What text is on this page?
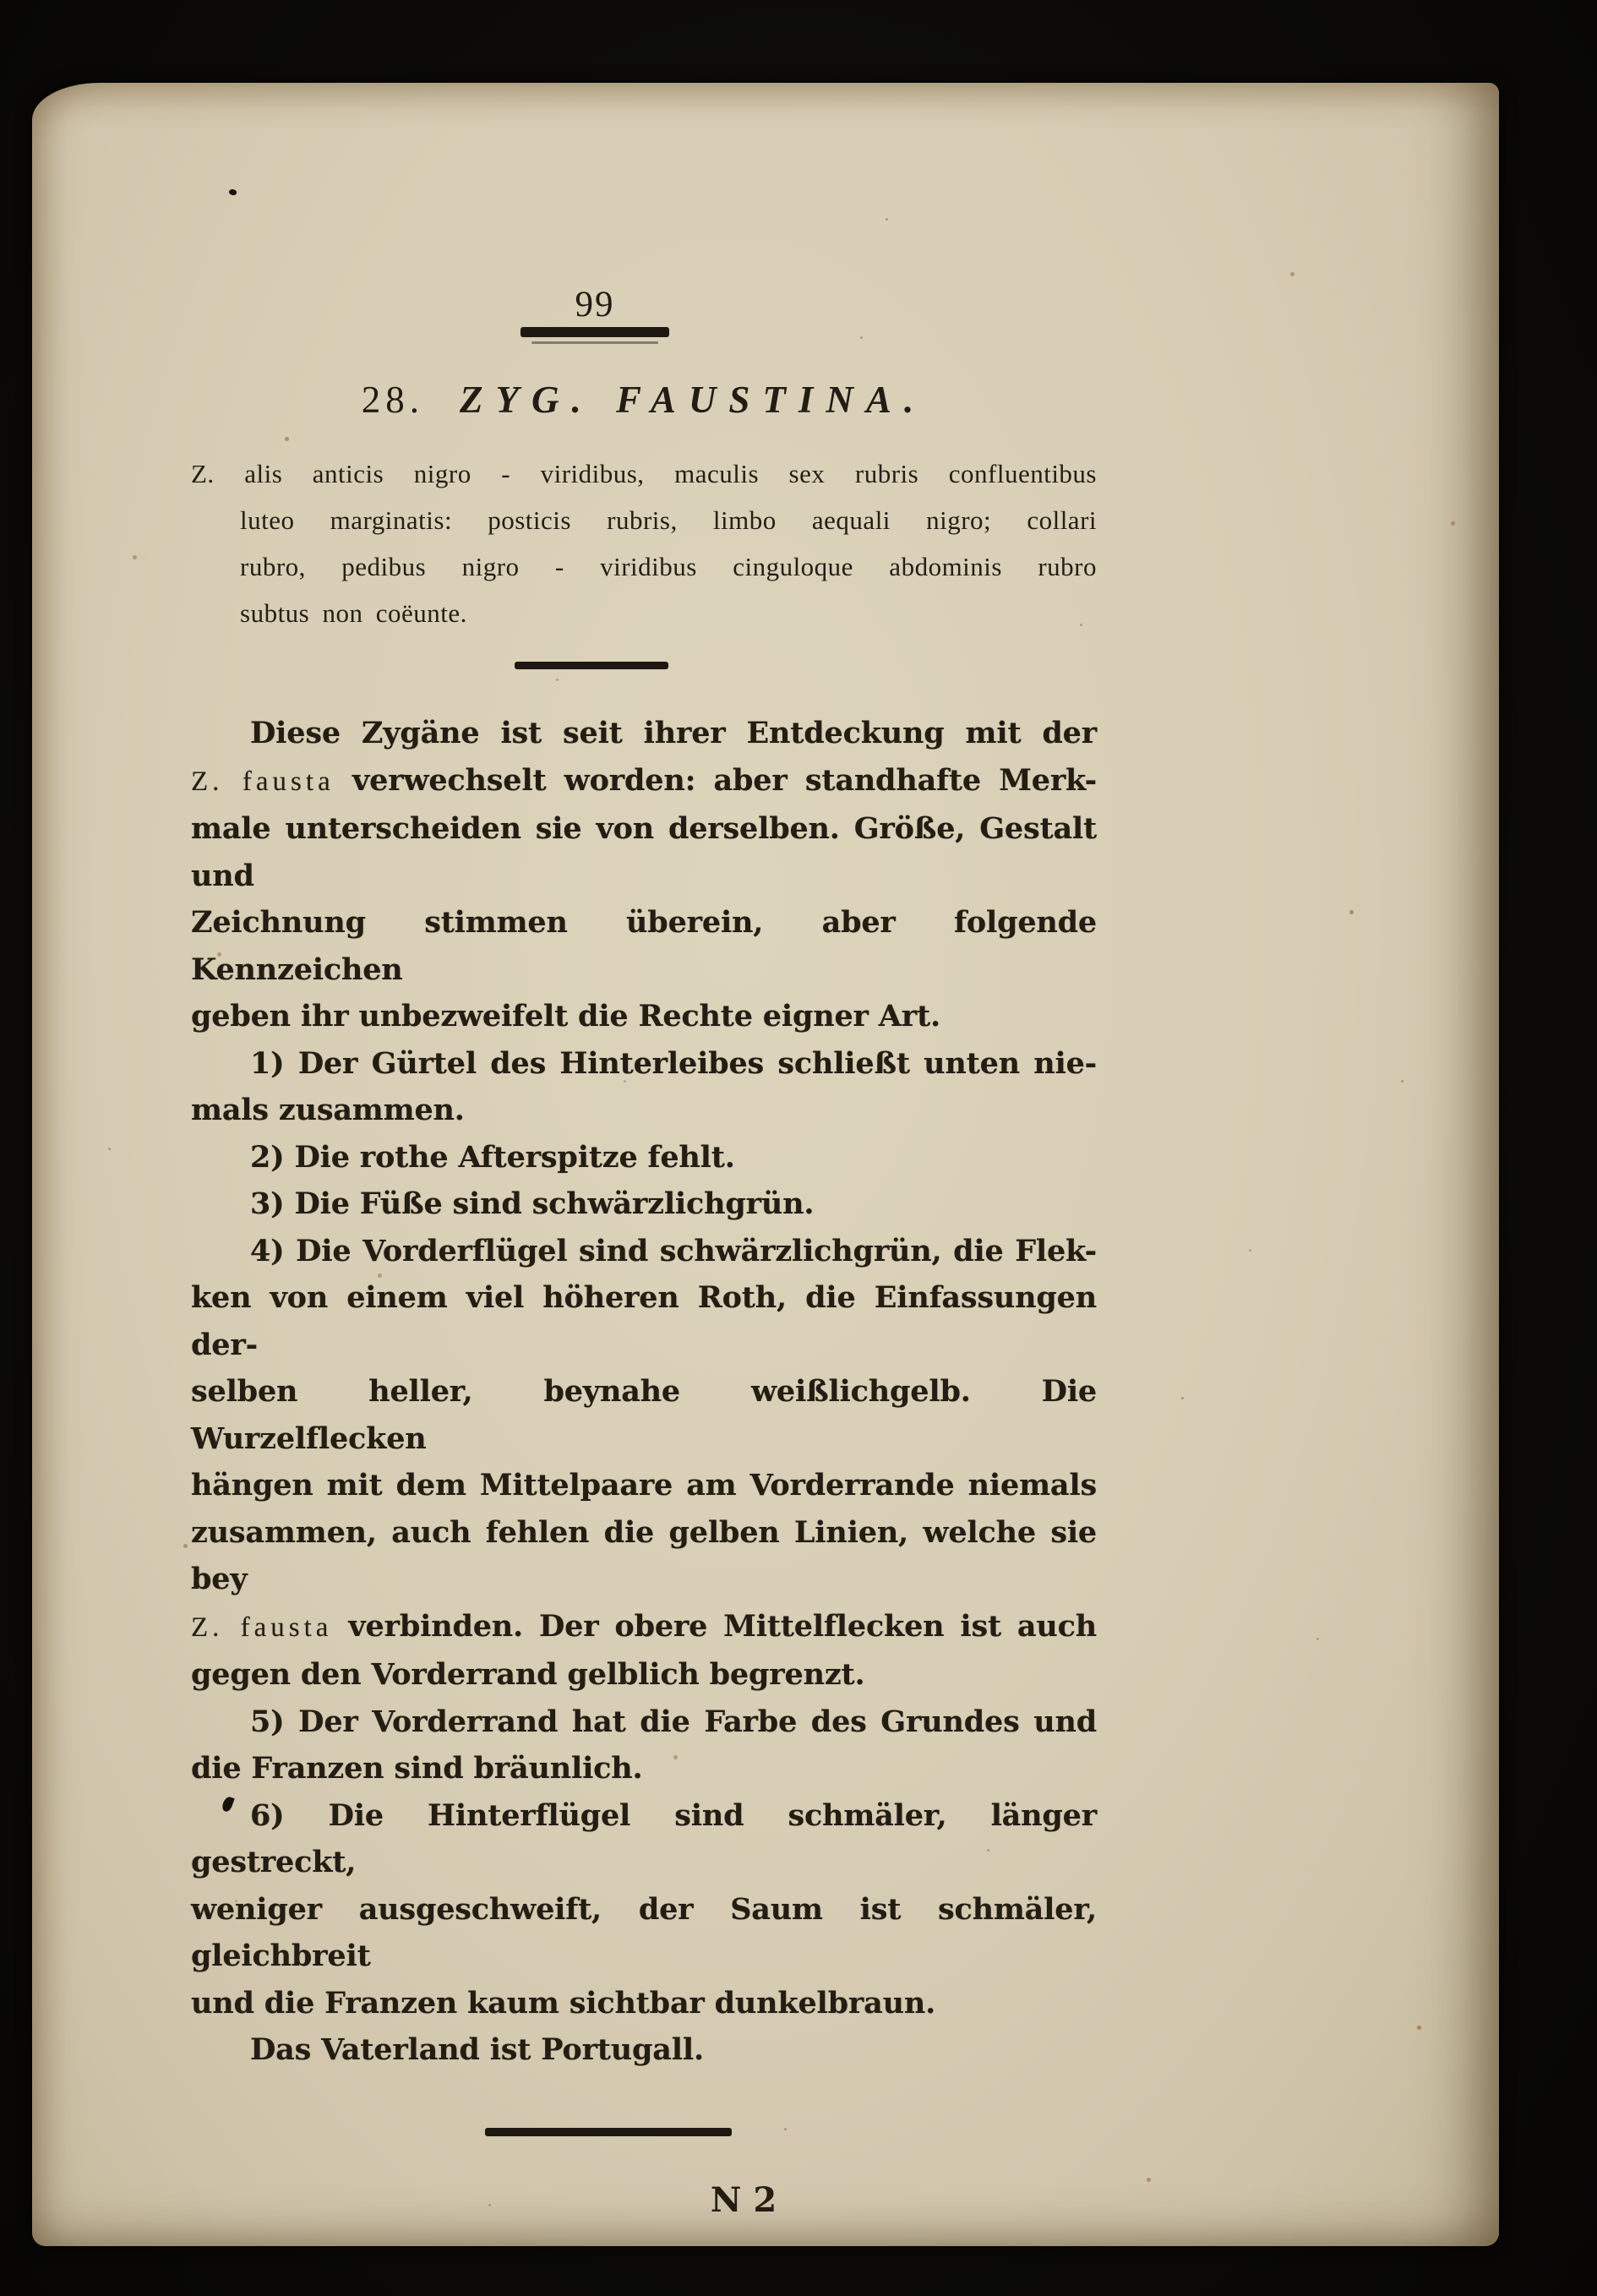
99
28. ZYG. FAUSTINA.
Z. alis anticis nigro - viridibus, maculis sex rubris confluentibus
luteo marginatis: posticis rubris, limbo aequali nigro; collari
rubro, pedibus nigro - viridibus cinguloque abdominis rubro
subtus non coëunte.
Diese Zygäne ist seit ihrer Entdeckung mit der
Z. fausta verwechselt worden: aber standhafte Merk-
male unterscheiden sie von derselben. Größe, Gestalt und
Zeichnung stimmen überein, aber folgende Kennzeichen
geben ihr unbezweifelt die Rechte eigner Art.
1) Der Gürtel des Hinterleibes schließt unten nie-
mals zusammen.
2) Die rothe Afterspitze fehlt.
3) Die Füße sind schwärzlichgrün.
4) Die Vorderflügel sind schwärzlichgrün, die Flek-
ken von einem viel höheren Roth, die Einfassungen der-
selben heller, beynahe weißlichgelb. Die Wurzelflecken
hängen mit dem Mittelpaare am Vorderrande niemals
zusammen, auch fehlen die gelben Linien, welche sie bey
Z. fausta verbinden. Der obere Mittelflecken ist auch
gegen den Vorderrand gelblich begrenzt.
5) Der Vorderrand hat die Farbe des Grundes und
die Franzen sind bräunlich.
6) Die Hinterflügel sind schmäler, länger gestreckt,
weniger ausgeschweift, der Saum ist schmäler, gleichbreit
und die Franzen kaum sichtbar dunkelbraun.
Das Vaterland ist Portugall.
N 2
